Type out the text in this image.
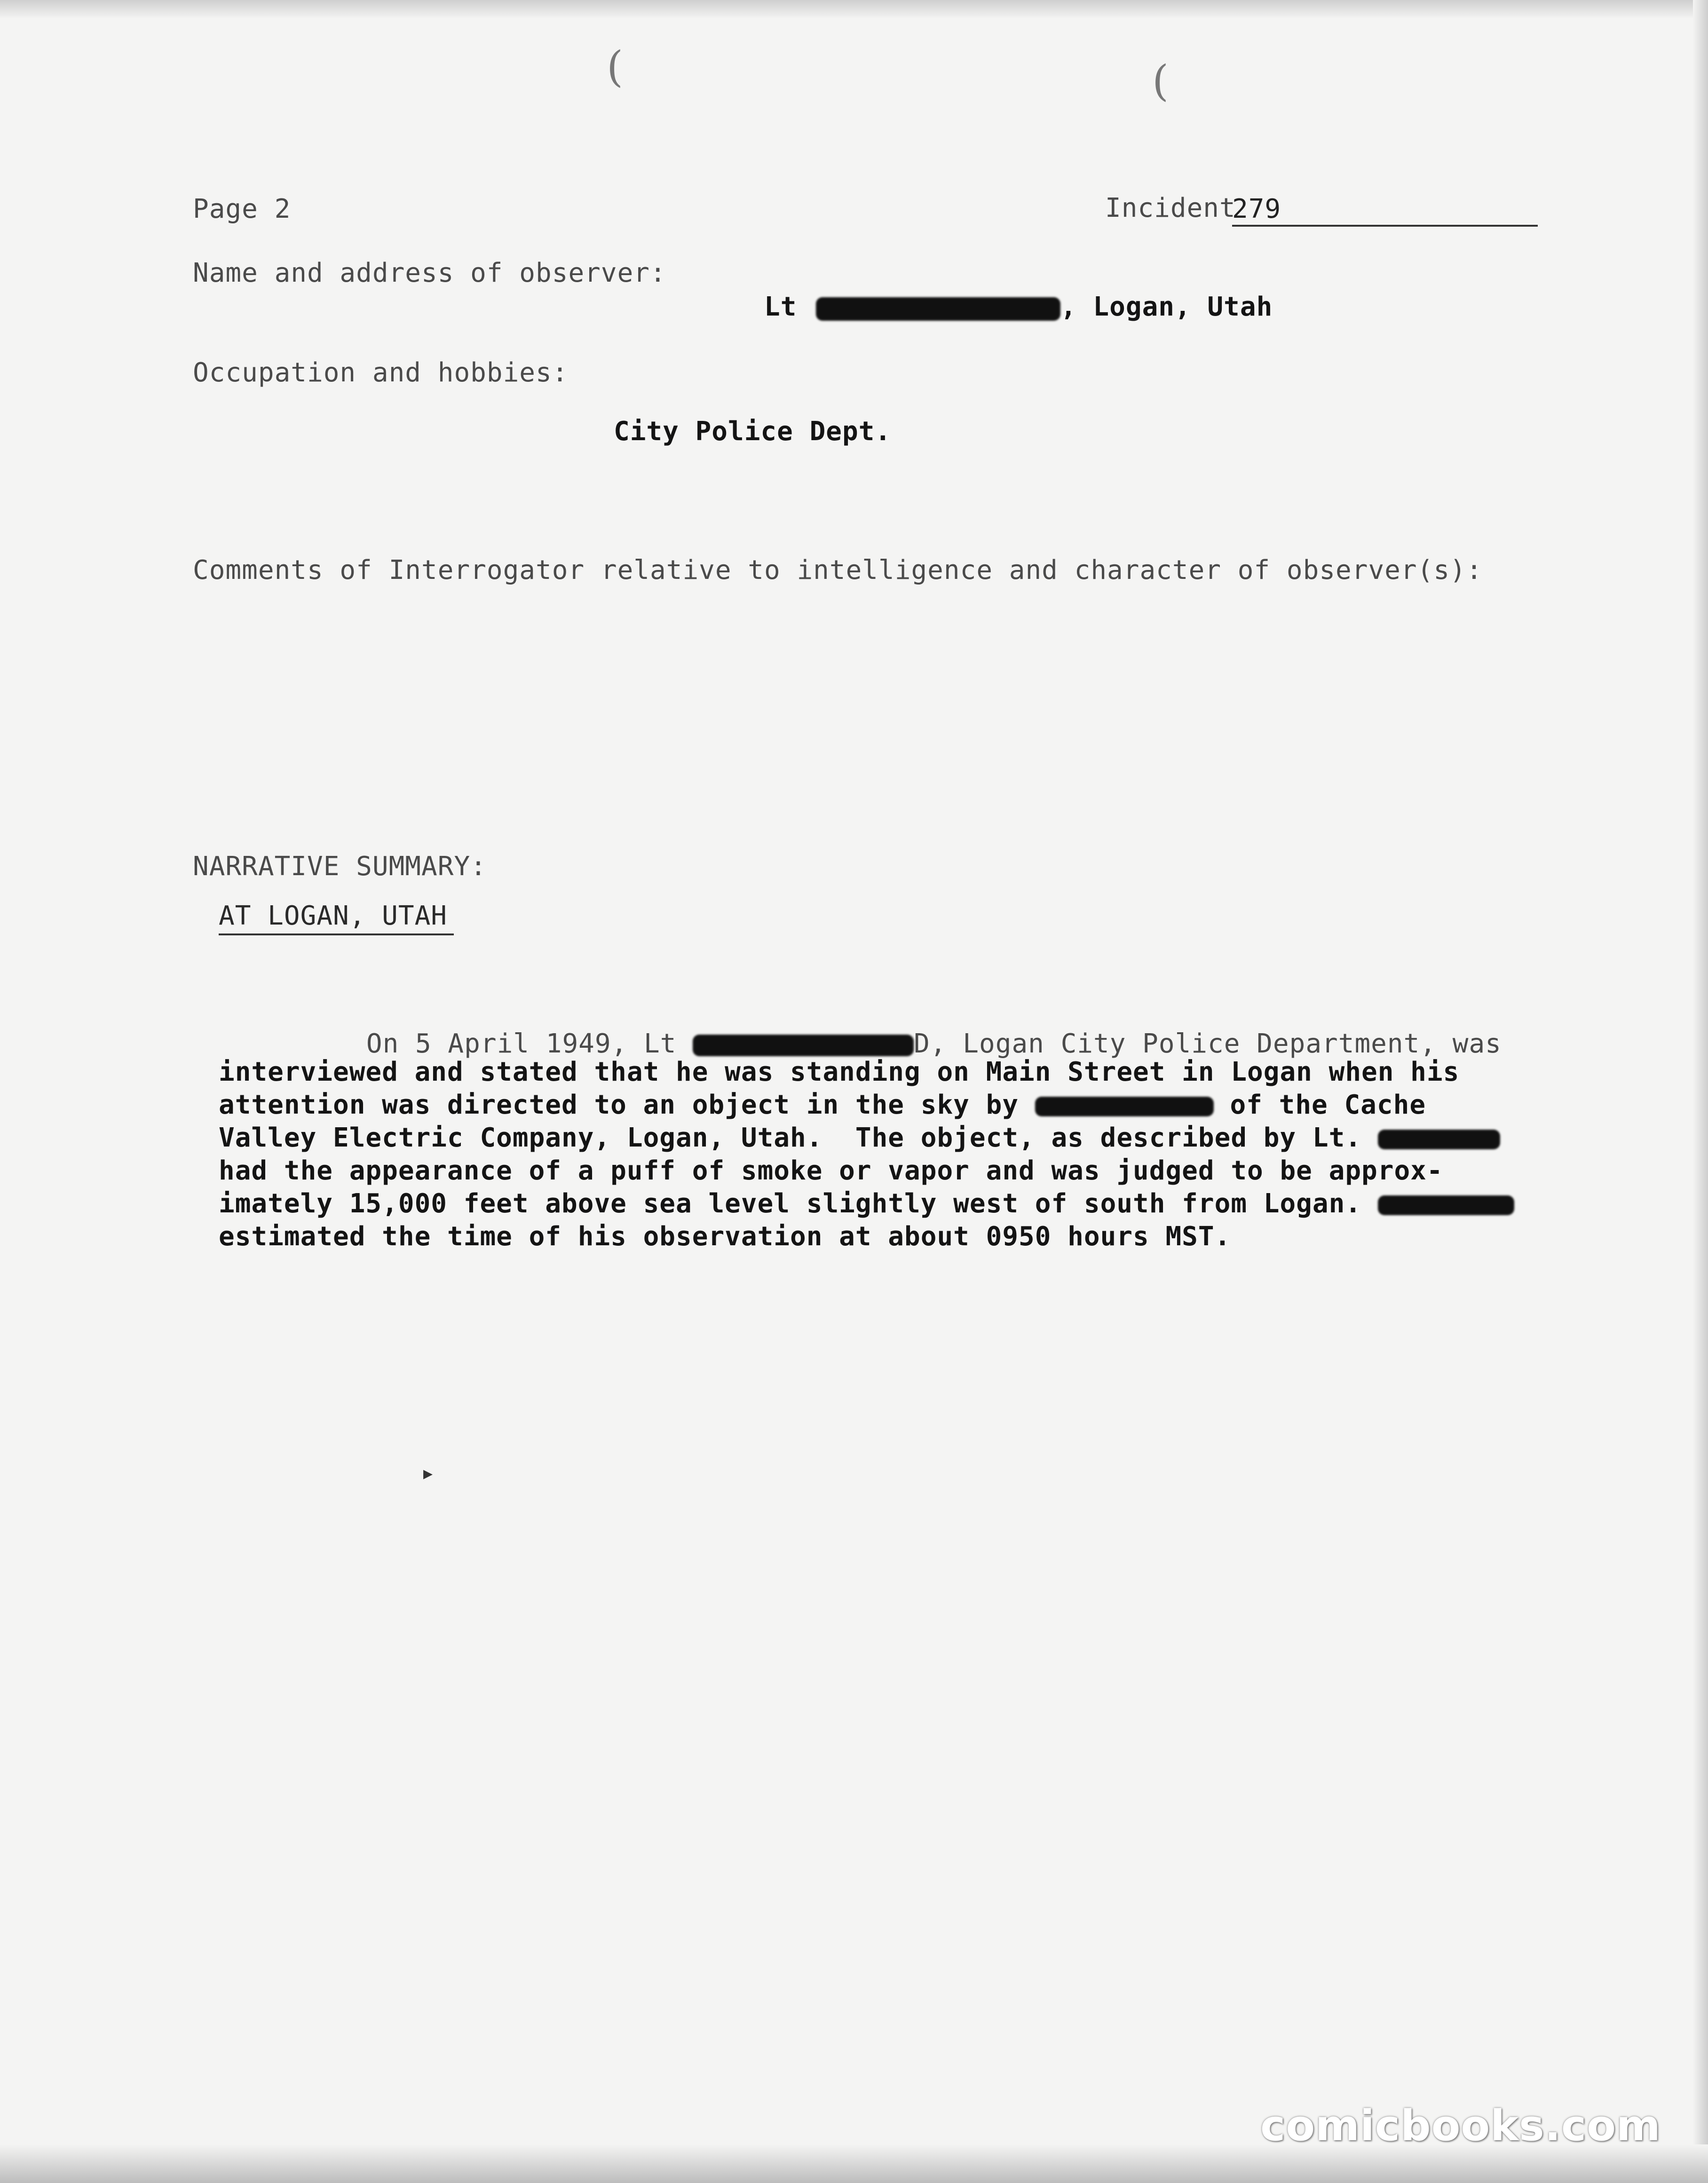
(	(
▸
Page 2	Incident
279
Name and address of observer:
Lt	, Logan, Utah
Occupation and hobbies:
City Police Dept.
Comments of Interrogator relative to intelligence and character of observer(s):
NARRATIVE SUMMARY:
AT LOGAN, UTAH

On 5 April 1949, Lt	D, Logan City Police Department, was

interviewed and stated that he was standing on Main Street in Logan when his
attention was directed to an object in the sky by	of the Cache
Valley Electric Company, Logan, Utah.  The object, as described by Lt.
had the appearance of a puff of smoke or vapor and was judged to be approx-
imately 15,000 feet above sea level slightly west of south from Logan.
estimated the time of his observation at about 0950 hours MST.
comicbooks.com
